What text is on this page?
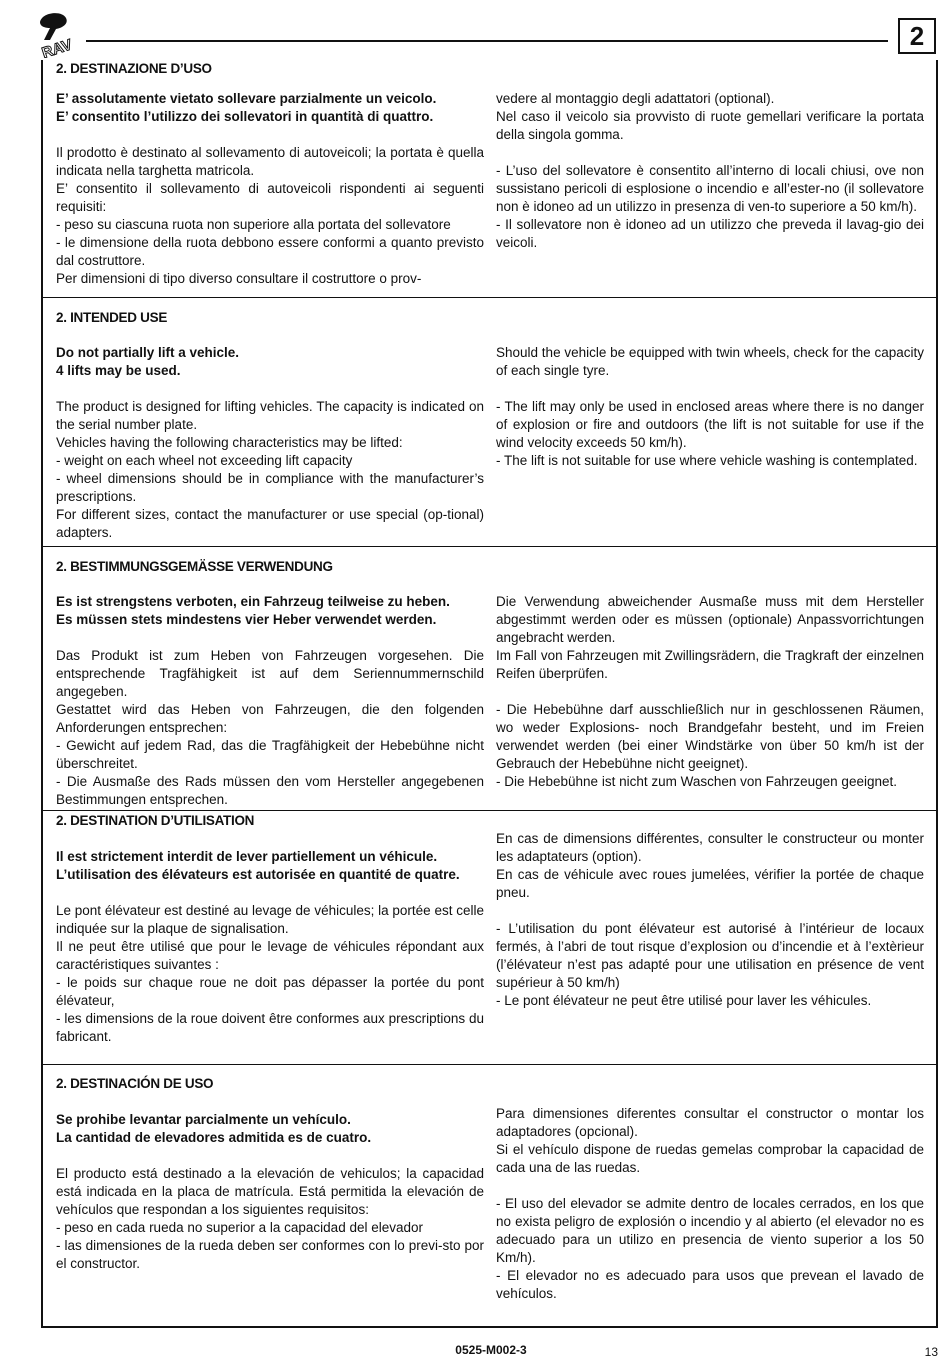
RAV	2
2. DESTINAZIONE D’USO

E’ assolutamente vietato sollevare parzialmente un veicolo.

E’ consentito l’utilizzo dei sollevatori in quantità di quattro.

Il prodotto è destinato al sollevamento di autoveicoli; la portata è quella indicata nella targhetta matricola.

E’ consentito il sollevamento di autoveicoli rispondenti ai seguenti requisiti:

- peso su ciascuna ruota non superiore alla portata del sollevatore

- le dimensione della ruota debbono essere conformi a quanto previsto dal costruttore.

Per dimensioni di tipo diverso consultare il costruttore o prov-

vedere al montaggio degli adattatori (optional).

Nel caso il veicolo sia provvisto di ruote gemellari verificare la portata della singola gomma.

- L’uso del sollevatore è consentito all’interno di locali chiusi, ove non sussistano pericoli di esplosione o incendio e all’ester-no (il sollevatore non è idoneo ad un utilizzo in presenza di ven-to superiore a 50 km/h).

- Il sollevatore non è idoneo ad un utilizzo che preveda il lavag-gio dei veicoli.

2. INTENDED USE

Do not partially lift a vehicle.

4 lifts may be used.

The product is designed for lifting vehicles. The capacity is indicated on the serial number plate.

Vehicles having the following characteristics may be lifted:

- weight on each wheel not exceeding lift capacity

- wheel dimensions should be in compliance with the manufacturer’s prescriptions.

For different sizes, contact the manufacturer or use special (op-tional) adapters.

Should the vehicle be equipped with twin wheels, check for the capacity of each single tyre.

- The lift may only be used in enclosed areas where there is no danger of explosion or fire and outdoors (the lift is not suitable for use if the wind velocity exceeds 50 km/h).

- The lift is not suitable for use where vehicle washing is contemplated.

2. BESTIMMUNGSGEMÄSSE VERWENDUNG

Es ist strengstens verboten, ein Fahrzeug teilweise zu heben.

Es müssen stets mindestens vier Heber verwendet werden.

Das Produkt ist zum Heben von Fahrzeugen vorgesehen. Die entsprechende Tragfähigkeit ist auf dem Seriennummernschild angegeben.

Gestattet wird das Heben von Fahrzeugen, die den folgenden Anforderungen entsprechen:

- Gewicht auf jedem Rad, das die Tragfähigkeit der Hebebühne nicht überschreitet.

- Die Ausmaße des Rads müssen den vom Hersteller angegebenen Bestimmungen entsprechen.

Die Verwendung abweichender Ausmaße muss mit dem Hersteller abgestimmt werden oder es müssen (optionale) Anpassvorrichtungen angebracht werden.

Im Fall von Fahrzeugen mit Zwillingsrädern, die Tragkraft der einzelnen Reifen überprüfen.

- Die Hebebühne darf ausschließlich nur in geschlossenen Räumen, wo weder Explosions- noch Brandgefahr besteht, und im Freien verwendet werden (bei einer Windstärke von über 50 km/h ist der Gebrauch der Hebebühne nicht geeignet).

- Die Hebebühne ist nicht zum Waschen von Fahrzeugen geeignet.

2. DESTINATION D’UTILISATION

Il est strictement interdit de lever partiellement un véhicule.

L’utilisation des élévateurs est autorisée en quantité de quatre.

Le pont élévateur est destiné au levage de véhicules; la portée est celle indiquée sur la plaque de signalisation.

Il ne peut être utilisé que pour le levage de véhicules répondant aux caractéristiques suivantes :

- le poids sur chaque roue ne doit pas dépasser la portée du pont élévateur,

- les dimensions de la roue doivent être conformes aux prescriptions du fabricant.

En cas de dimensions différentes, consulter le constructeur ou monter les adaptateurs (option).

En cas de véhicule avec roues jumelées, vérifier la portée de chaque pneu.

- L’utilisation du pont élévateur est autorisé à l’intérieur de locaux fermés, à l’abri de tout risque d’explosion ou d’incendie et à l’extèrieur (l’élévateur n’est pas adapté pour une utilisation en présence de vent supérieur à 50 km/h)

- Le pont élévateur ne peut être utilisé pour laver les véhicules.

2. DESTINACIÓN DE USO

Se prohibe levantar parcialmente un vehículo.

La cantidad de elevadores admitida es de cuatro.

El producto está destinado a la elevación de vehiculos; la capacidad está indicada en la placa de matrícula. Está permitida la elevación de vehículos que respondan a los siguientes requisitos:

- peso en cada rueda no superior a la capacidad del elevador

- las dimensiones de la rueda deben ser conformes con lo previ-sto por el constructor.

Para dimensiones diferentes consultar el constructor o montar los adaptadores (opcional).

Si el vehículo dispone de ruedas gemelas comprobar la capacidad de cada una de las ruedas.

- El uso del elevador se admite dentro de locales cerrados, en los que no exista peligro de explosión o incendio y al abierto (el elevador no es adecuado para un utilizo en presencia de viento superior a los 50 Km/h).

- El elevador no es adecuado para usos que prevean el lavado de vehículos.

0525-M002-3	13
